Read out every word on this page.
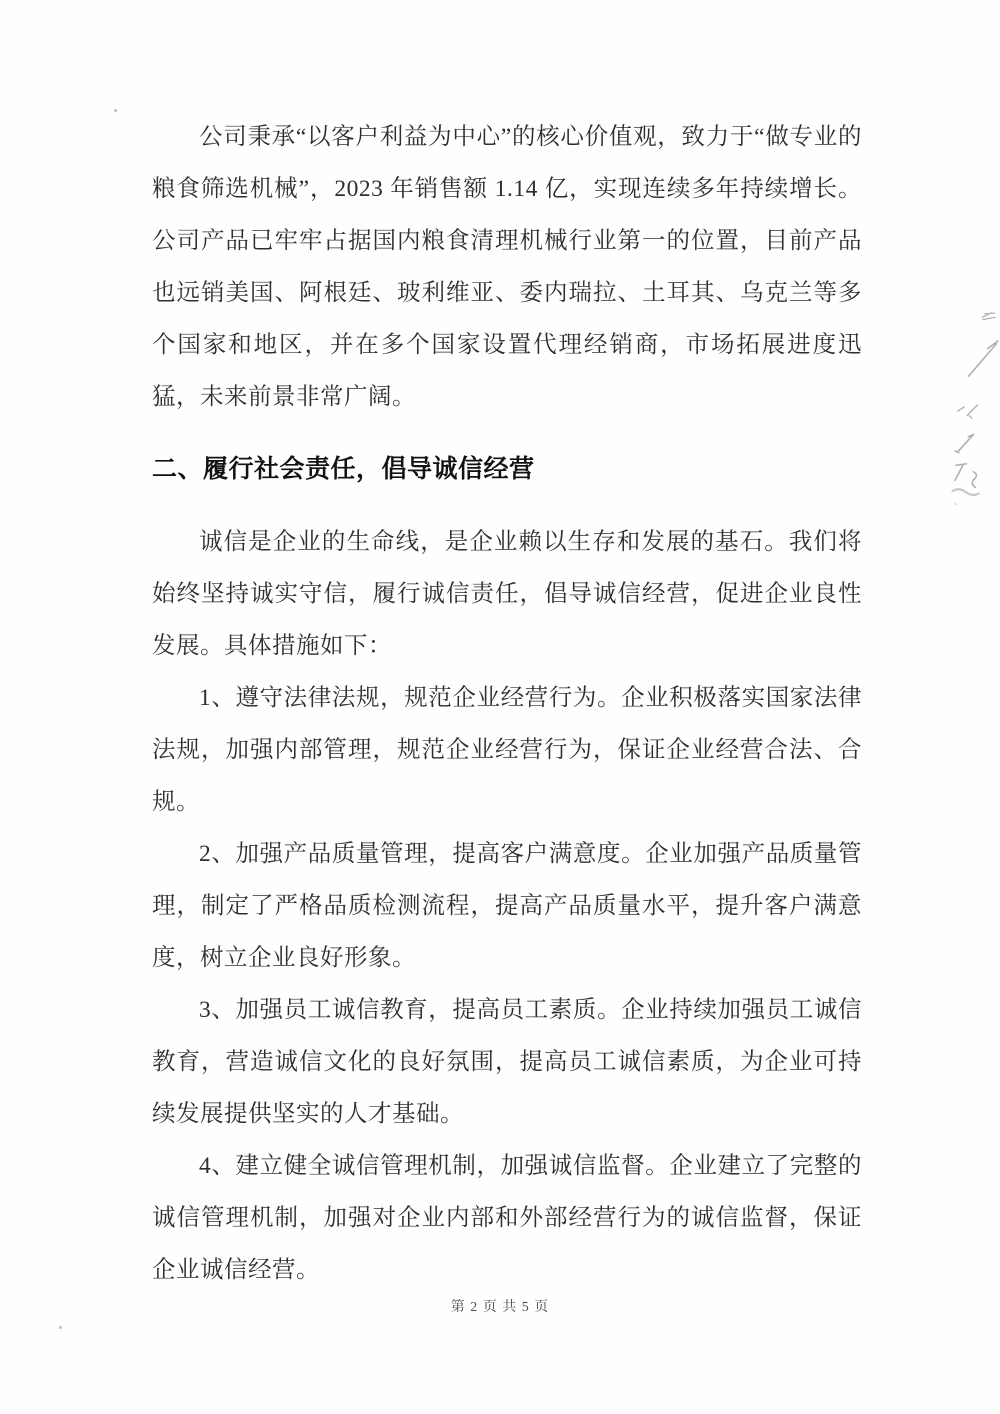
公司秉承“以客户利益为中心”的核心价值观，致力于“做专业的粮食筛选机械”，2023 年销售额 1.14 亿，实现连续多年持续增长。公司产品已牢牢占据国内粮食清理机械行业第一的位置，目前产品也远销美国、阿根廷、玻利维亚、委内瑞拉、土耳其、乌克兰等多个国家和地区，并在多个国家设置代理经销商，市场拓展进度迅猛，未来前景非常广阔。

二、履行社会责任，倡导诚信经营

诚信是企业的生命线，是企业赖以生存和发展的基石。我们将始终坚持诚实守信，履行诚信责任，倡导诚信经营，促进企业良性发展。具体措施如下：

1、遵守法律法规，规范企业经营行为。企业积极落实国家法律法规，加强内部管理，规范企业经营行为，保证企业经营合法、合规。

2、加强产品质量管理，提高客户满意度。企业加强产品质量管理，制定了严格品质检测流程，提高产品质量水平，提升客户满意度，树立企业良好形象。

3、加强员工诚信教育，提高员工素质。企业持续加强员工诚信教育，营造诚信文化的良好氛围，提高员工诚信素质，为企业可持续发展提供坚实的人才基础。

4、建立健全诚信管理机制，加强诚信监督。企业建立了完整的诚信管理机制，加强对企业内部和外部经营行为的诚信监督，保证企业诚信经营。

第 2 页 共 5 页
